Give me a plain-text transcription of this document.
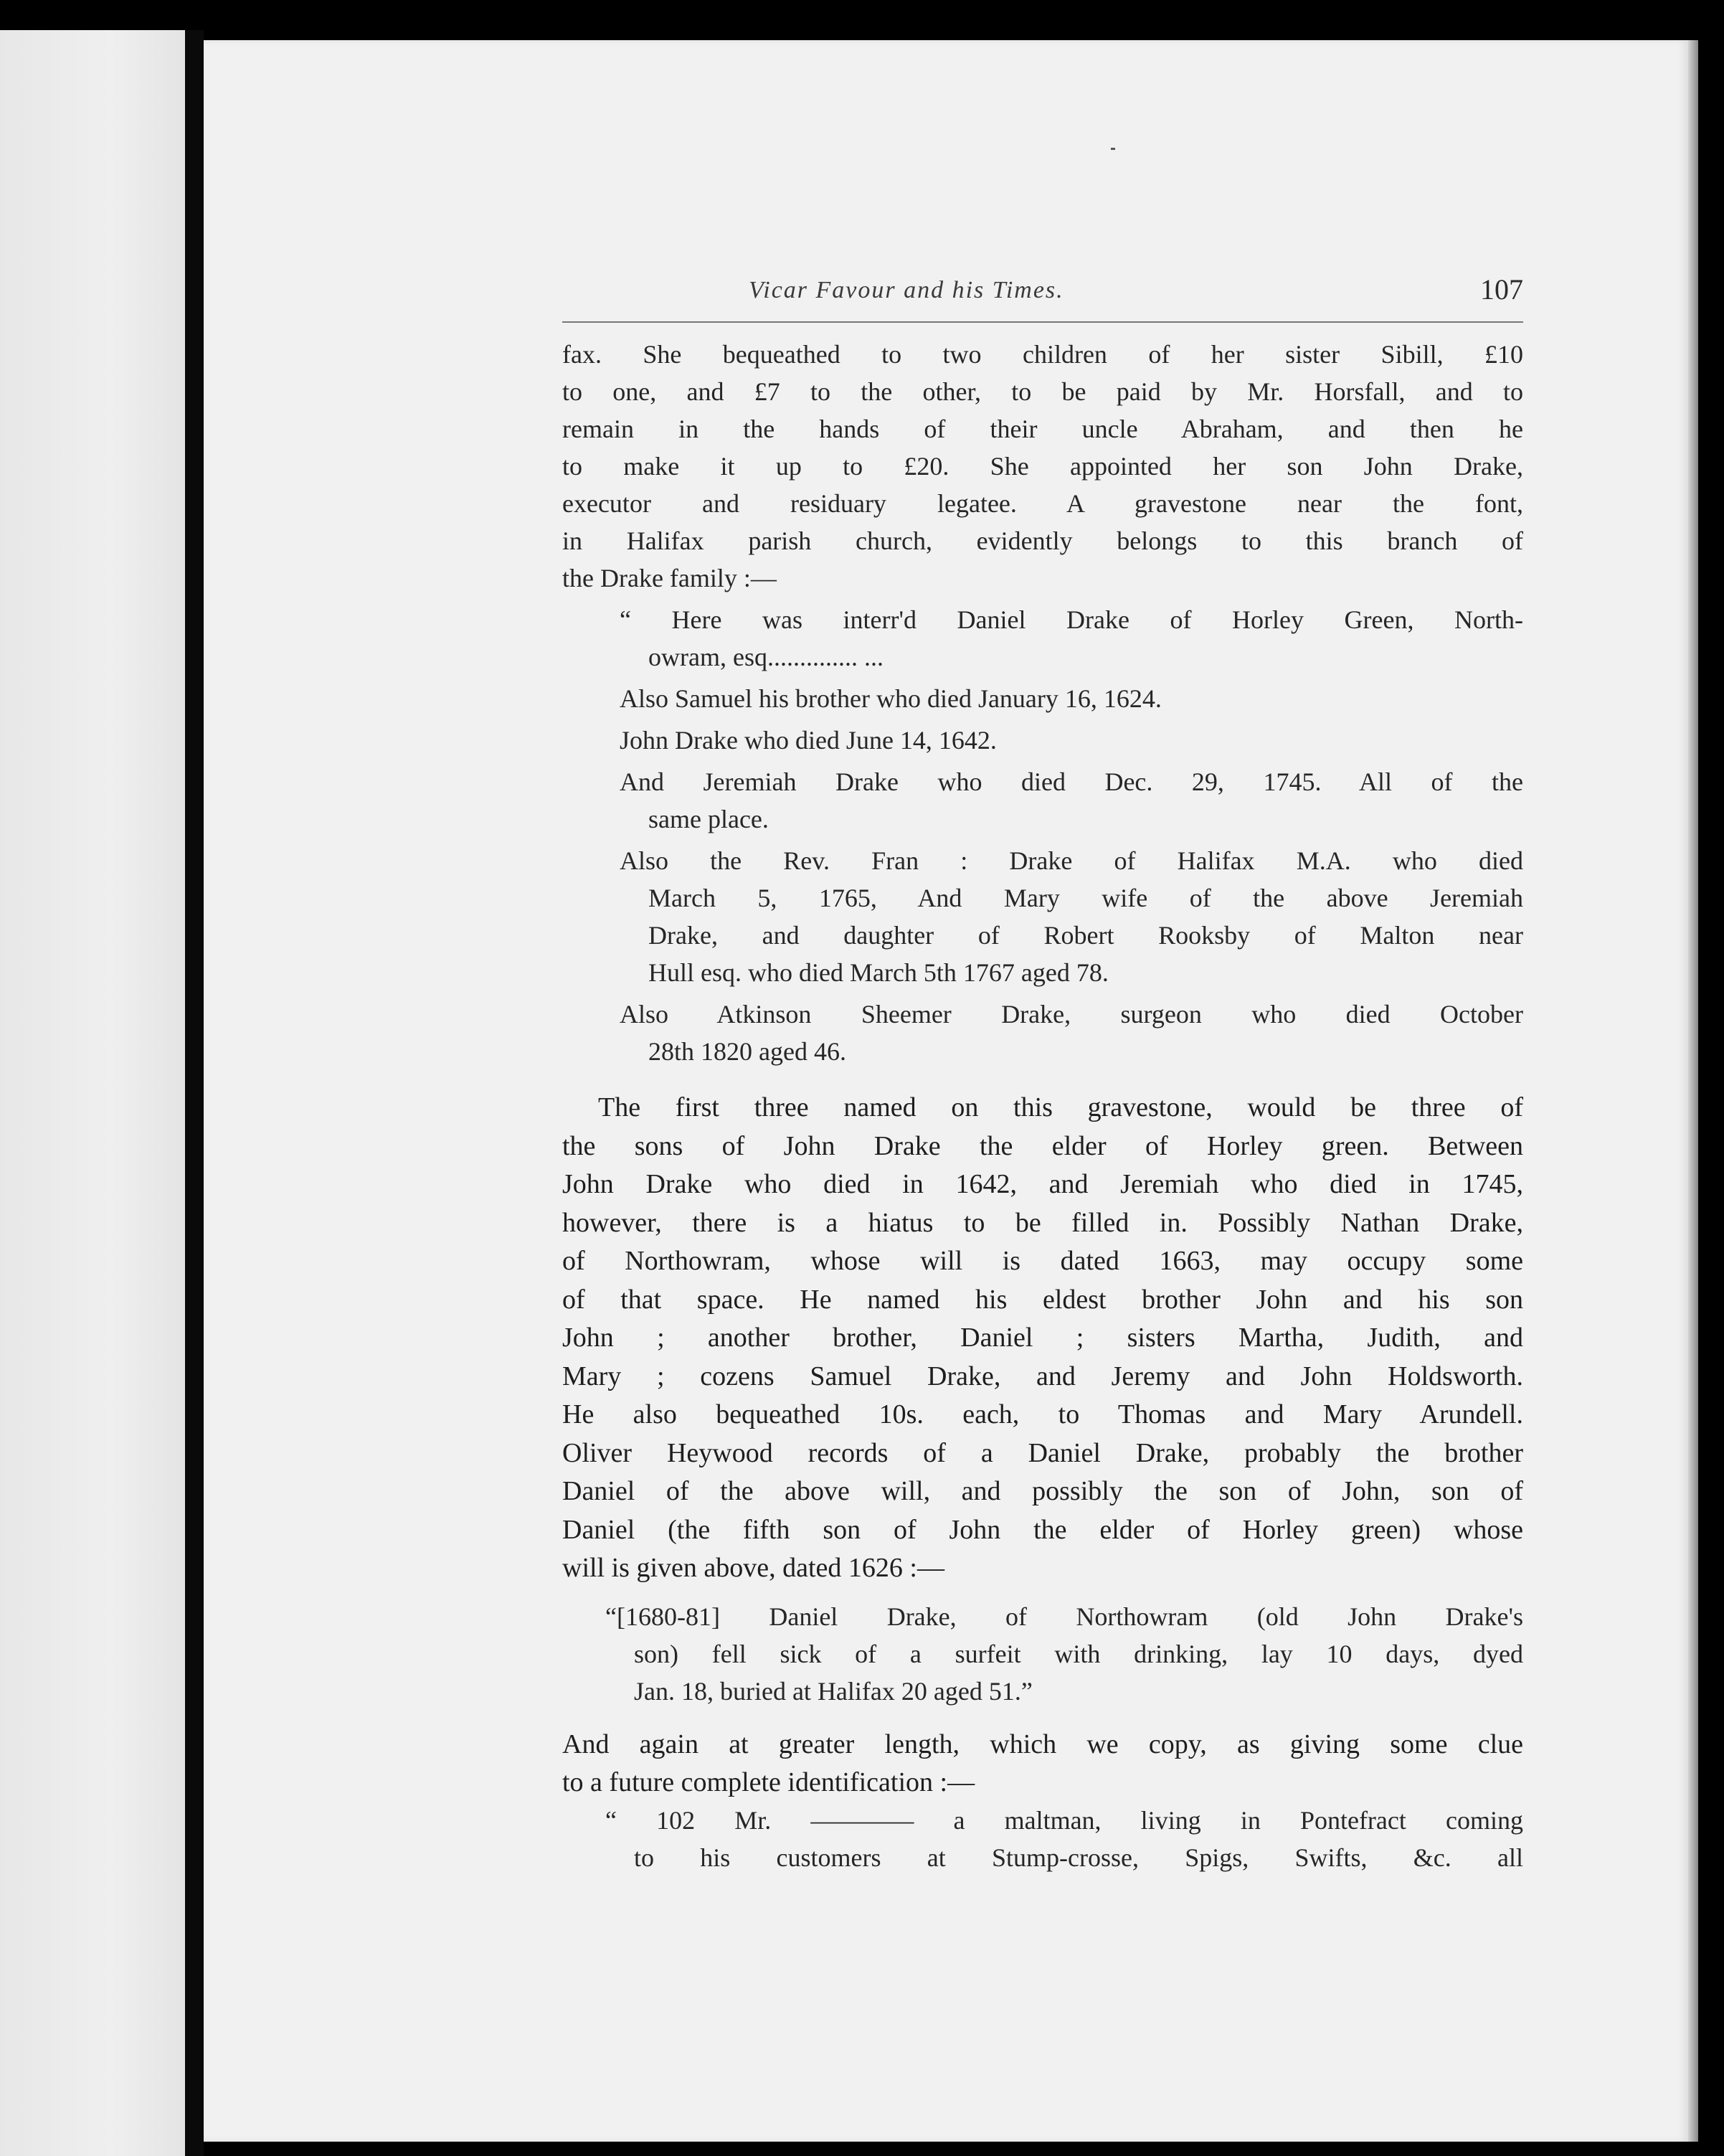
Vicar Favour and his Times.	107
fax. She bequeathed to two children of her sister Sibill, £10
to one, and £7 to the other, to be paid by Mr. Horsfall, and to
remain in the hands of their uncle Abraham, and then he
to make it up to £20. She appointed her son John Drake,
executor and residuary legatee. A gravestone near the font,
in Halifax parish church, evidently belongs to this branch of
the Drake family :—
“ Here was interr'd Daniel Drake of Horley Green, North-
owram, esq.............. ...
Also Samuel his brother who died January 16, 1624.
John Drake who died June 14, 1642.
And Jeremiah Drake who died Dec. 29, 1745. All of the
same place.
Also the Rev. Fran : Drake of Halifax M.A. who died
March 5, 1765, And Mary wife of the above Jeremiah
Drake, and daughter of Robert Rooksby of Malton near
Hull esq. who died March 5th 1767 aged 78.
Also Atkinson Sheemer Drake, surgeon who died October
28th 1820 aged 46.
The first three named on this gravestone, would be three of
the sons of John Drake the elder of Horley green. Between
John Drake who died in 1642, and Jeremiah who died in 1745,
however, there is a hiatus to be filled in. Possibly Nathan Drake,
of Northowram, whose will is dated 1663, may occupy some
of that space. He named his eldest brother John and his son
John ; another brother, Daniel ; sisters Martha, Judith, and
Mary ; cozens Samuel Drake, and Jeremy and John Holdsworth.
He also bequeathed 10s. each, to Thomas and Mary Arundell.
Oliver Heywood records of a Daniel Drake, probably the brother
Daniel of the above will, and possibly the son of John, son of
Daniel (the fifth son of John the elder of Horley green) whose
will is given above, dated 1626 :—
“[1680-81] Daniel Drake, of Northowram (old John Drake's
son) fell sick of a surfeit with drinking, lay 10 days, dyed
Jan. 18, buried at Halifax 20 aged 51.”
And again at greater length, which we copy, as giving some clue
to a future complete identification :—
“ 102 Mr. ———— a maltman, living in Pontefract coming
to his customers at Stump-crosse, Spigs, Swifts, &c. all
